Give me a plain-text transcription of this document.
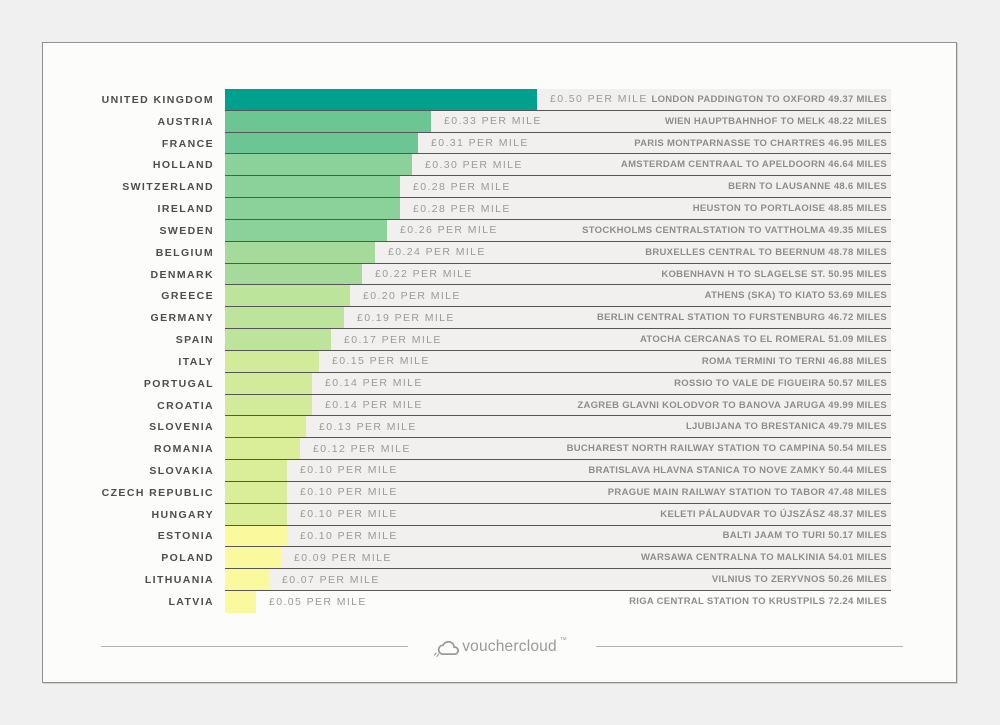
UNITED KINGDOM	£0.50 PER MILE LONDON PADDINGTON TO OXFORD 49.37 MILES
AUSTRIA	£0.33 PER MILE	WIEN HAUPTBAHNHOF TO MELK 48.22 MILES
FRANCE	£0.31 PER MILE	PARIS MONTPARNASSE TO CHARTRES 46.95 MILES
HOLLAND	£0.30 PER MILE	AMSTERDAM CENTRAAL TO APELDOORN 46.64 MILES
SWITZERLAND	£0.28 PER MILE	BERN TO LAUSANNE 48.6 MILES
IRELAND	£0.28 PER MILE	HEUSTON TO PORTLAOISE 48.85 MILES
SWEDEN	£0.26 PER MILE	STOCKHOLMS CENTRALSTATION TO VATTHOLMA 49.35 MILES
BELGIUM	£0.24 PER MILE	BRUXELLES CENTRAL TO BEERNUM 48.78 MILES
DENMARK	£0.22 PER MILE	KOBENHAVN H TO SLAGELSE ST. 50.95 MILES
GREECE	£0.20 PER MILE	ATHENS (SKA) TO KIATO 53.69 MILES
GERMANY	£0.19 PER MILE	BERLIN CENTRAL STATION TO FURSTENBURG 46.72 MILES
SPAIN	£0.17 PER MILE	ATOCHA CERCANAS TO EL ROMERAL 51.09 MILES
ITALY	£0.15 PER MILE	ROMA TERMINI TO TERNI 46.88 MILES
PORTUGAL	£0.14 PER MILE	ROSSIO TO VALE DE FIGUEIRA 50.57 MILES
CROATIA	£0.14 PER MILE	ZAGREB GLAVNI KOLODVOR TO BANOVA JARUGA 49.99 MILES
SLOVENIA	£0.13 PER MILE	LJUBIJANA TO BRESTANICA 49.79 MILES
ROMANIA	£0.12 PER MILE	BUCHAREST NORTH RAILWAY STATION TO CAMPINA 50.54 MILES
SLOVAKIA	£0.10 PER MILE	BRATISLAVA HLAVNA STANICA TO NOVE ZAMKY 50.44 MILES
CZECH REPUBLIC	£0.10 PER MILE	PRAGUE MAIN RAILWAY STATION TO TABOR 47.48 MILES
HUNGARY	£0.10 PER MILE	KELETI PÁLAUDVAR TO ÚJSZÁSZ 48.37 MILES
ESTONIA	£0.10 PER MILE	BALTI JAAM TO TURI 50.17 MILES
POLAND	£0.09 PER MILE	WARSAWA CENTRALNA TO MALKINIA 54.01 MILES
LITHUANIA	£0.07 PER MILE	VILNIUS TO ZERYVNOS 50.26 MILES
LATVIA	£0.05 PER MILE	RIGA CENTRAL STATION TO KRUSTPILS 72.24 MILES
vouchercloud ™
